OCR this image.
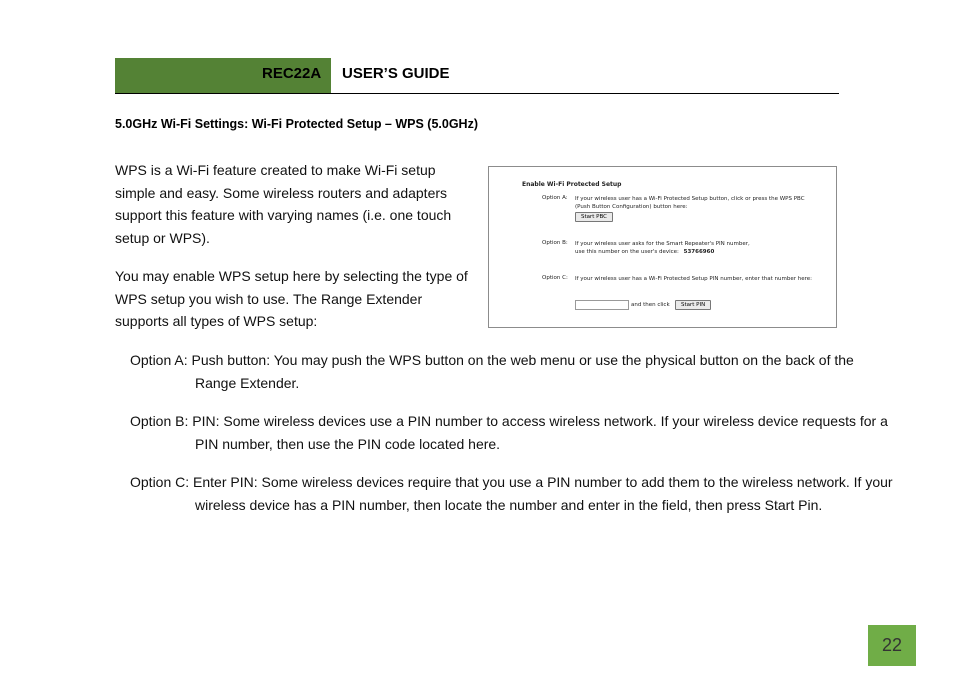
REC22A USER’S GUIDE
5.0GHz Wi-Fi Settings: Wi-Fi Protected Setup – WPS (5.0GHz)
WPS is a Wi-Fi feature created to make Wi-Fi setup simple and easy. Some wireless routers and adapters support this feature with varying names (i.e. one touch setup or WPS).
You may enable WPS setup here by selecting the type of WPS setup you wish to use. The Range Extender supports all types of WPS setup:
Enable Wi-Fi Protected Setup
Option A: If your wireless user has a Wi-Fi Protected Setup button, click or press the WPS PBC (Push Button Configuration) button here:
Start PBC
Option B: If your wireless user asks for the Smart Repeater's PIN number,
use this number on the user's device: 53766960
Option C: If your wireless user has a Wi-Fi Protected Setup PIN number, enter that number here:
and then click	Start PIN
Option A: Push button: You may push the WPS button on the web menu or use the physical button on the back of the Range Extender.
Option B: PIN: Some wireless devices use a PIN number to access wireless network. If your wireless device requests for a PIN number, then use the PIN code located here.
Option C: Enter PIN: Some wireless devices require that you use a PIN number to add them to the wireless network. If your wireless device has a PIN number, then locate the number and enter in the field, then press Start Pin.
22
